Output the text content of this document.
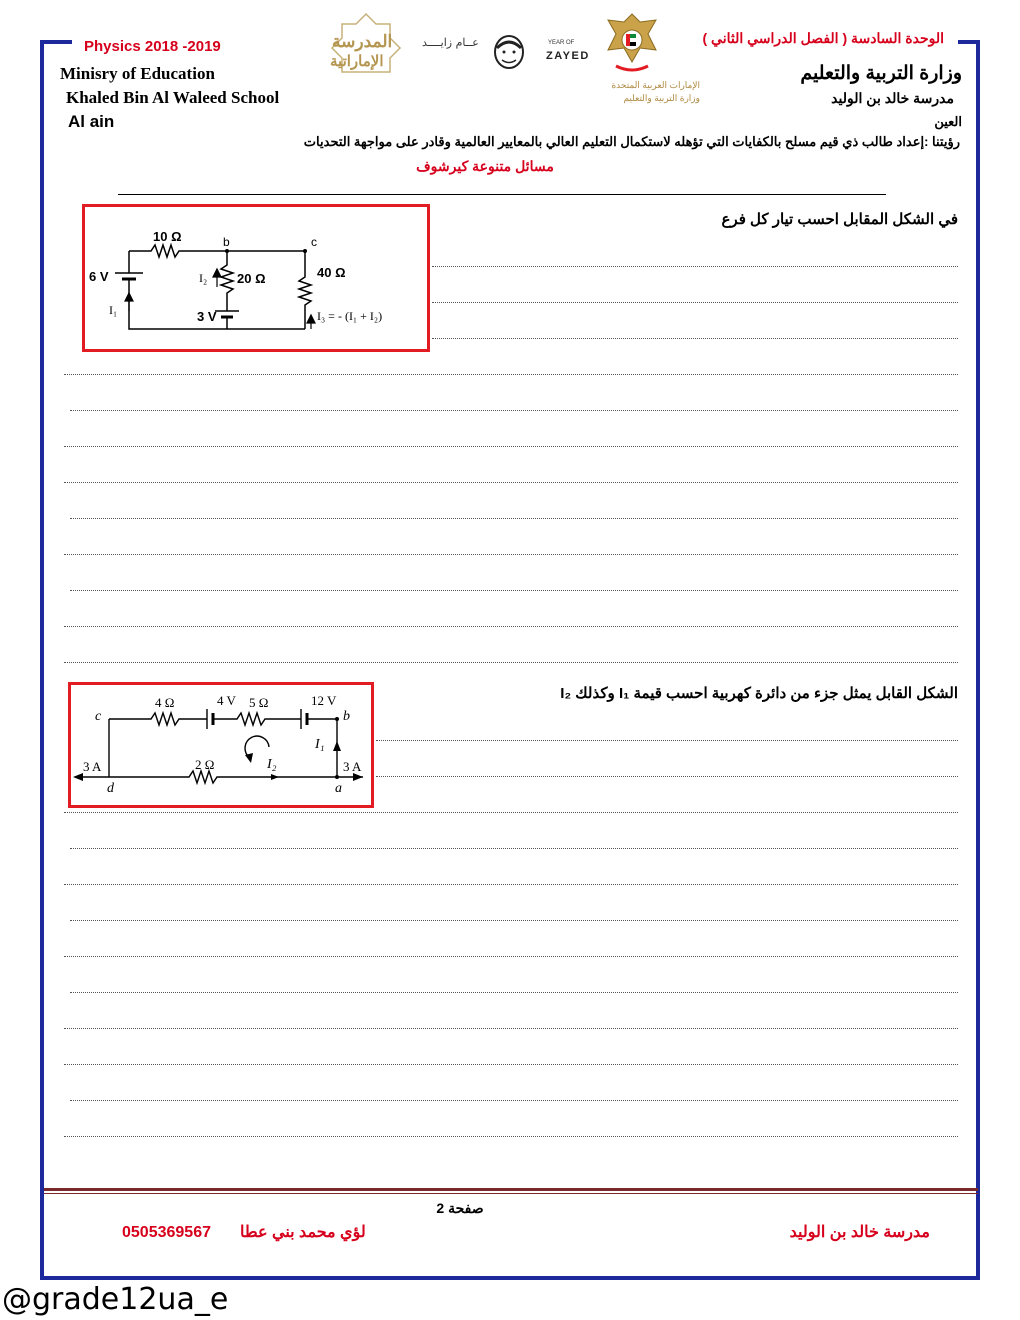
Physics 2018 -2019	الوحدة السادسة ( الفصل الدراسي الثاني )
المدرسة
الإماراتية
عــام زايــــد	YEAR OF
ZAYED
الإمارات العربية المتحدة
وزارة التربية والتعليم
Minisry of Education
Khaled Bin Al Waleed School
Al ain
وزارة التربية والتعليم
مدرسة خالد بن الوليد
العين
رؤيتنا :إعداد طالب ذي قيم مسلح بالكفايات التي تؤهله لاستكمال التعليم العالي بالمعايير العالمية وقادر على مواجهة التحديات
مسائل متنوعة كيرشوف
في الشكل المقابل احسب تيار كل فرع
10 Ω	b	c
6 V	20 Ω
I₂	40 Ω
I₁	3 V	I₃ = - (I₁ + I₂)
الشكل القابل يمثل جزء من دائرة كهربية احسب قيمة I₁ وكذلك I₂
4 Ω	4 V 5 Ω	12 V
c	b
I₁
3 A	2 Ω	I₂	3 A
d	a
صفحة 2
مدرسة خالد بن الوليد
0505369567 لؤي محمد بني عطا
@grade12ua_e
